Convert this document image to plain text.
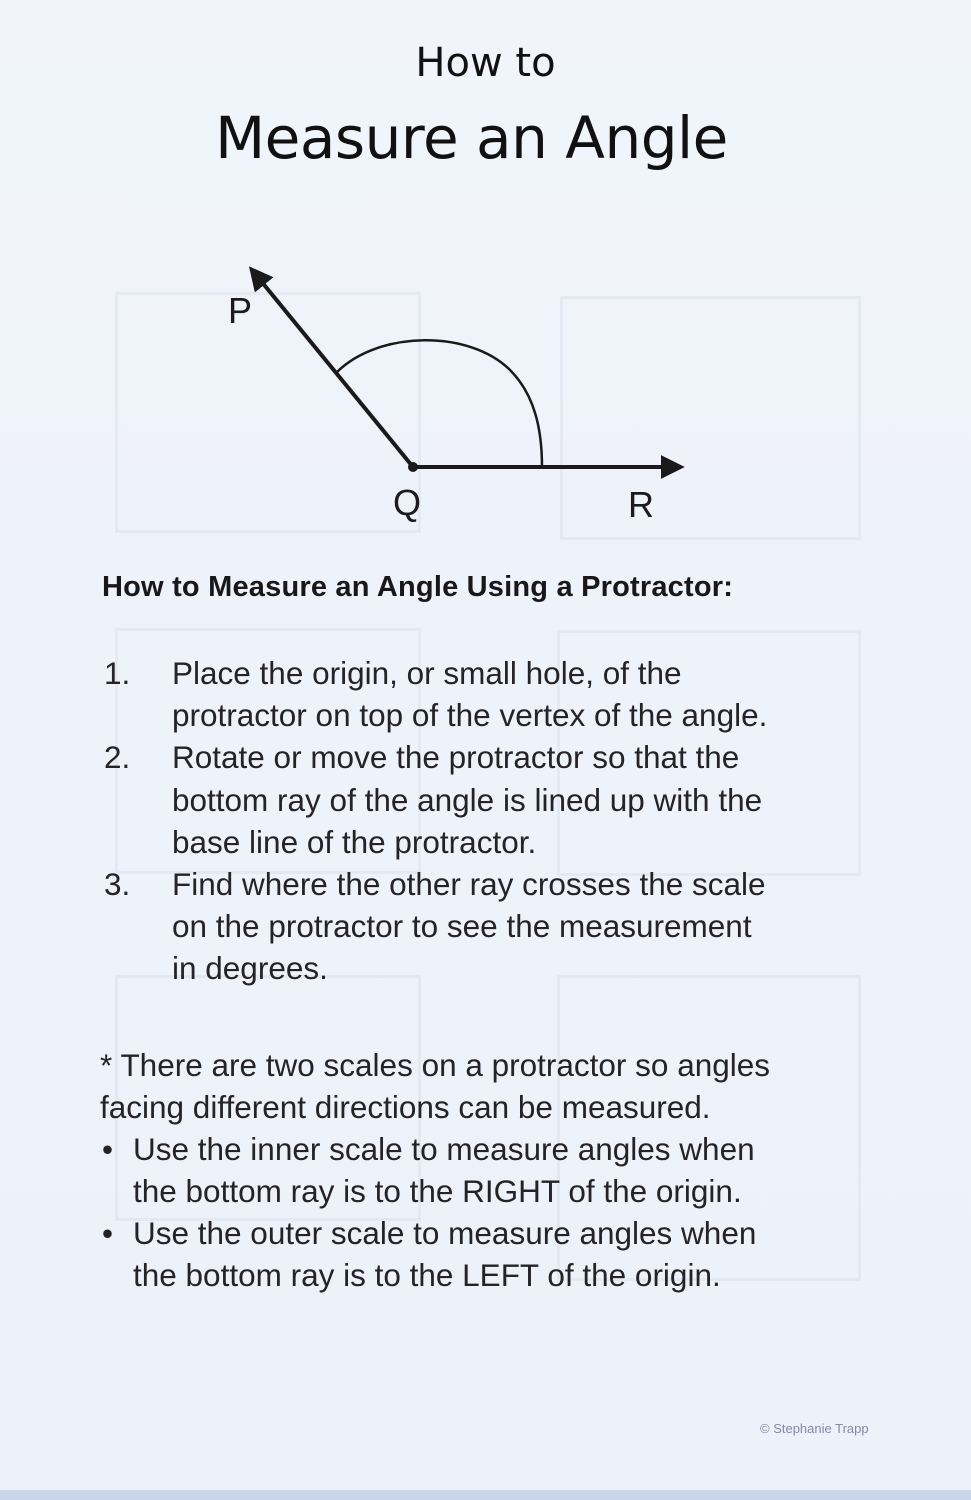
How to
Measure an Angle
P
Q	R
How to Measure an Angle Using a Protractor:
1. Place the origin, or small hole, of the
protractor on top of the vertex of the angle.
2. Rotate or move the protractor so that the
bottom ray of the angle is lined up with the
base line of the protractor.
3. Find where the other ray crosses the scale
on the protractor to see the measurement
in degrees.
* There are two scales on a protractor so angles
facing different directions can be measured.
• Use the inner scale to measure angles when
the bottom ray is to the RIGHT of the origin.
• Use the outer scale to measure angles when
the bottom ray is to the LEFT of the origin.
© Stephanie Trapp
